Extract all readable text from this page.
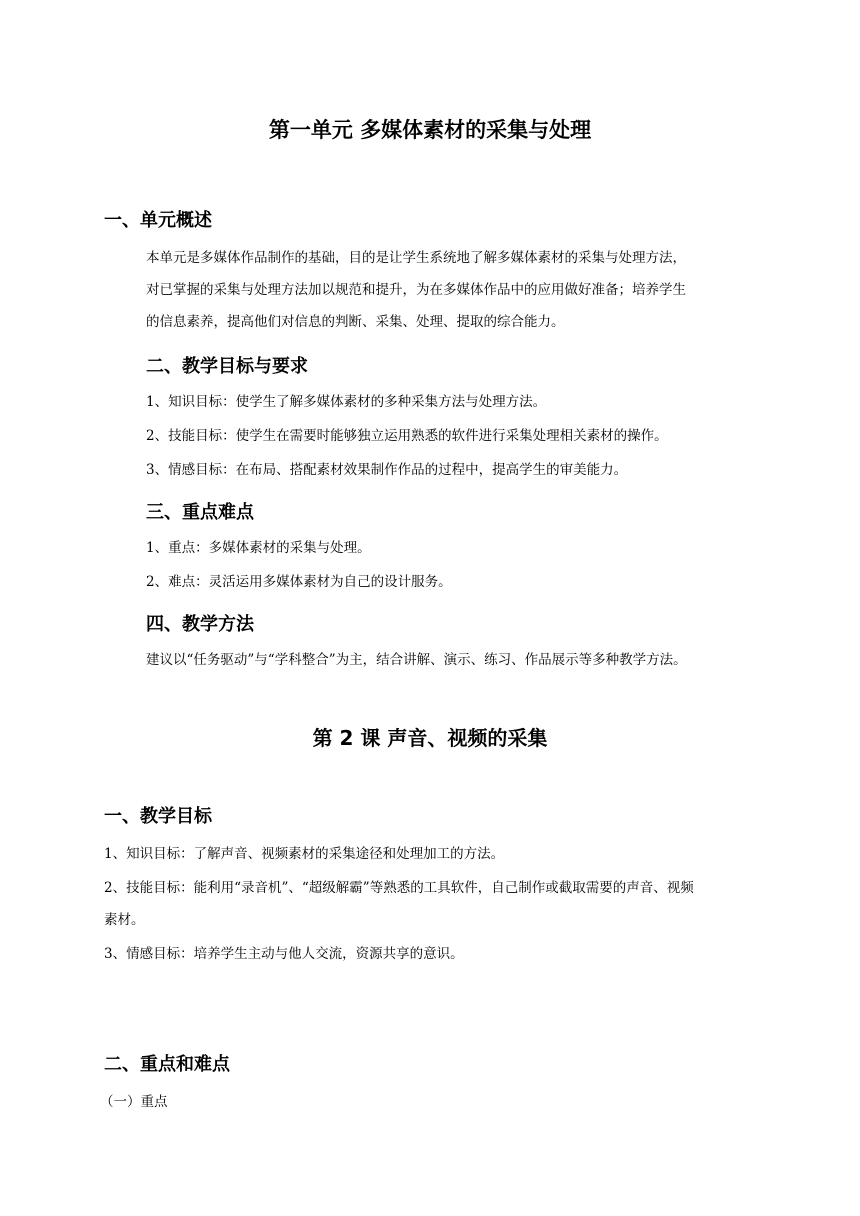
第一单元 多媒体素材的采集与处理
一、单元概述
本单元是多媒体作品制作的基础，目的是让学生系统地了解多媒体素材的采集与处理方法，
对已掌握的采集与处理方法加以规范和提升，为在多媒体作品中的应用做好准备；培养学生
的信息素养，提高他们对信息的判断、采集、处理、提取的综合能力。
二、教学目标与要求
1、知识目标：使学生了解多媒体素材的多种采集方法与处理方法。
2、技能目标：使学生在需要时能够独立运用熟悉的软件进行采集处理相关素材的操作。
3、情感目标：在布局、搭配素材效果制作作品的过程中，提高学生的审美能力。
三、重点难点
1、重点：多媒体素材的采集与处理。
2、难点：灵活运用多媒体素材为自己的设计服务。
四、教学方法
建议以“任务驱动”与“学科整合”为主，结合讲解、演示、练习、作品展示等多种教学方法。
第 2 课 声音、视频的采集
一、教学目标
1、知识目标：了解声音、视频素材的采集途径和处理加工的方法。
2、技能目标：能利用“录音机”、“超级解霸”等熟悉的工具软件，自己制作或截取需要的声音、视频
素材。
3、情感目标：培养学生主动与他人交流，资源共享的意识。
二、重点和难点
（一）重点
